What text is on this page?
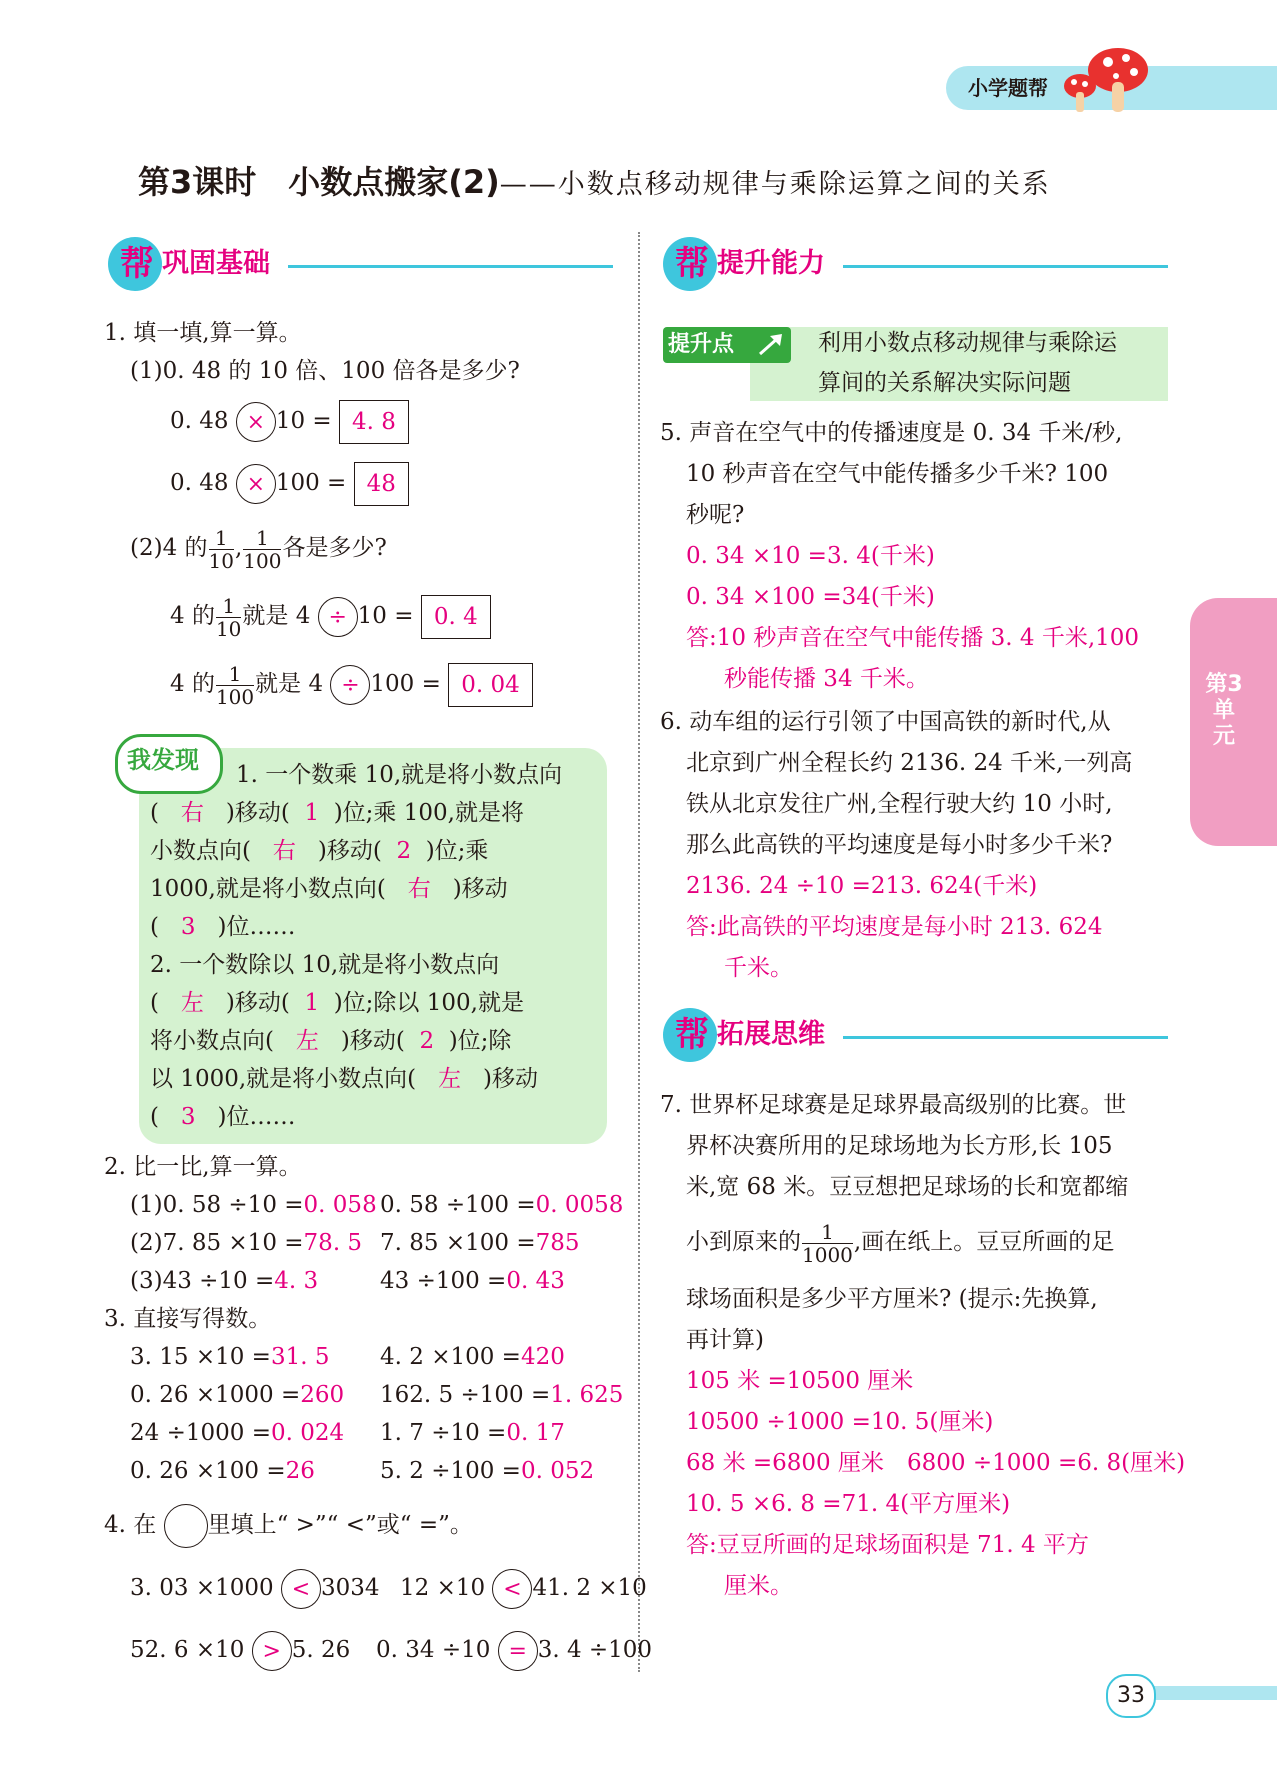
小学题帮
第3课时　小数点搬家(2)——小数点移动规律与乘除运算之间的关系
帮 巩固基础
1. 填一填,算一算。
(1)0. 48 的 10 倍、100 倍各是多少?
0. 48 × 10 = 4. 8
0. 48 × 100 = 48
(2)4 的 $\frac{1}{10}$ , $\frac{1}{100}$ 各是多少?
4 的 $\frac{1}{10}$ 就是 4 ÷ 10 = 0. 4
4 的 $\frac{1}{100}$ 就是 4 ÷ 100 = 0. 04
我发现
1. 一个数乘 10,就是将小数点向
( 右 )移动( 1 )位;乘 100,就是将
小数点向( 右 )移动( 2 )位;乘
1000,就是将小数点向( 右 )移动
( 3 )位……
2. 一个数除以 10,就是将小数点向
( 左 )移动( 1 )位;除以 100,就是
将小数点向( 左 )移动( 2 )位;除
以 1000,就是将小数点向( 左 )移动
( 3 )位……
2. 比一比,算一算。
(1)0. 58 ÷10 =0. 058 0. 58 ÷100 =0. 0058
(2)7. 85 ×10 =78. 5 7. 85 ×100 =785
(3)43 ÷10 =4. 3	43 ÷100 =0. 43
3. 直接写得数。
3. 15 ×10 =31. 5 4. 2 ×100 =420
0. 26 ×1000 =260 162. 5 ÷100 =1. 625
24 ÷1000 =0. 024 1. 7 ÷10 =0. 17
0. 26 ×100 =26	5. 2 ÷100 =0. 052
4. 在 里填上“ >”“ <”或“ =”。
3. 03 ×1000 < 3034 12 ×10 < 41. 2 ×10
52. 6 ×10 > 5. 26 0. 34 ÷10 = 3. 4 ÷100
帮 提升能力
提升点	利用小数点移动规律与乘除运
算间的关系解决实际问题
5. 声音在空气中的传播速度是 0. 34 千米/秒,
10 秒声音在空气中能传播多少千米? 100
秒呢?
0. 34 ×10 =3. 4(千米)
0. 34 ×100 =34(千米)
答:10 秒声音在空气中能传播 3. 4 千米,100
秒能传播 34 千米。
6. 动车组的运行引领了中国高铁的新时代,从
北京到广州全程长约 2136. 24 千米,一列高
铁从北京发往广州,全程行驶大约 10 小时,
那么此高铁的平均速度是每小时多少千米?
2136. 24 ÷10 =213. 624(千米)
答:此高铁的平均速度是每小时 213. 624
千米。
帮 拓展思维
7. 世界杯足球赛是足球界最高级别的比赛。世
界杯决赛所用的足球场地为长方形,长 105
米,宽 68 米。豆豆想把足球场的长和宽都缩
小到原来的 $\frac{1}{1000}$ ,画在纸上。豆豆所画的足
球场面积是多少平方厘米? (提示:先换算,
再计算)
105 米 =10500 厘米
10500 ÷1000 =10. 5(厘米)
68 米 =6800 厘米　6800 ÷1000 =6. 8(厘米)
10. 5 ×6. 8 =71. 4(平方厘米)
答:豆豆所画的足球场面积是 71. 4 平方
厘米。
第3单元
33
